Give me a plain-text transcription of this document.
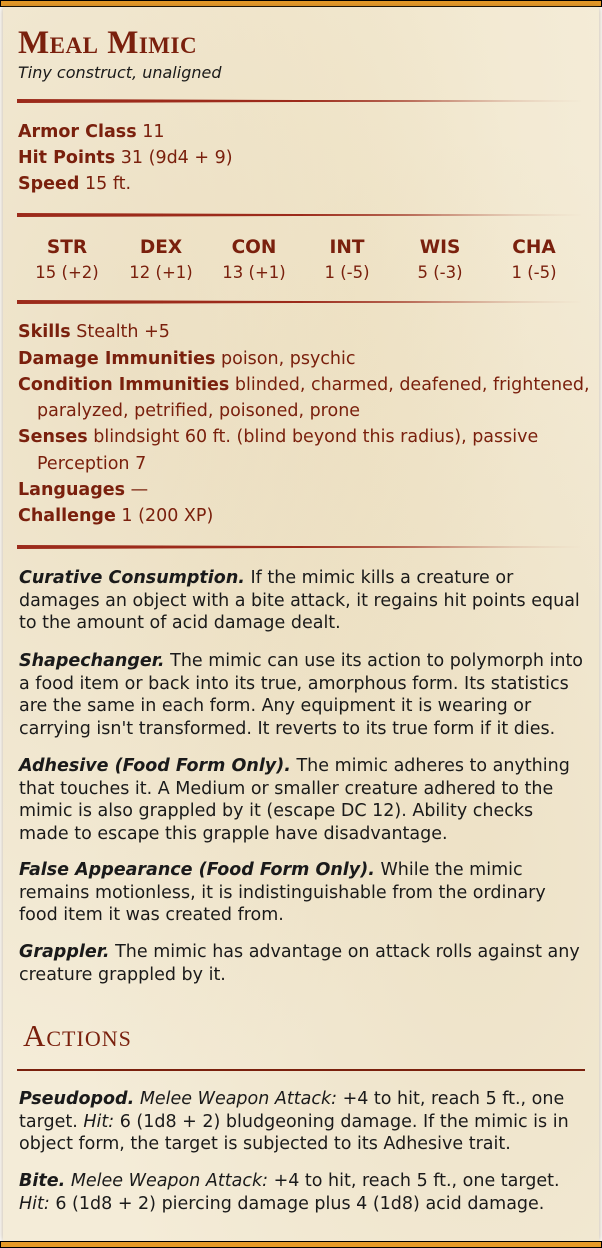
Meal Mimic
Tiny construct, unaligned
Armor Class 11
Hit Points 31 (9d4 + 9)
Speed 15 ft.
STR
15 (+2)
DEX
12 (+1)
CON
13 (+1)
INT
1 (-5)
WIS
5 (-3)
CHA
1 (-5)
Skills Stealth +5
Damage Immunities poison, psychic
Condition Immunities blinded, charmed, deafened, frightened,
paralyzed, petrified, poisoned, prone
Senses blindsight 60 ft. (blind beyond this radius), passive
Perception 7
Languages —
Challenge 1 (200 XP)

Curative Consumption. If the mimic kills a creature or damages an object with a bite attack, it regains hit points equal to the amount of acid damage dealt.

Shapechanger. The mimic can use its action to polymorph into a food item or back into its true, amorphous form. Its statistics are the same in each form. Any equipment it is wearing or carrying isn't transformed. It reverts to its true form if it dies.

Adhesive (Food Form Only). The mimic adheres to anything that touches it. A Medium or smaller creature adhered to the mimic is also grappled by it (escape DC 12). Ability checks made to escape this grapple have disadvantage.

False Appearance (Food Form Only). While the mimic remains motionless, it is indistinguishable from the ordinary food item it was created from.

Grappler. The mimic has advantage on attack rolls against any creature grappled by it.

Actions

Pseudopod. Melee Weapon Attack: +4 to hit, reach 5 ft., one target. Hit: 6 (1d8 + 2) bludgeoning damage. If the mimic is in object form, the target is subjected to its Adhesive trait.

Bite. Melee Weapon Attack: +4 to hit, reach 5 ft., one target. Hit: 6 (1d8 + 2) piercing damage plus 4 (1d8) acid damage.
